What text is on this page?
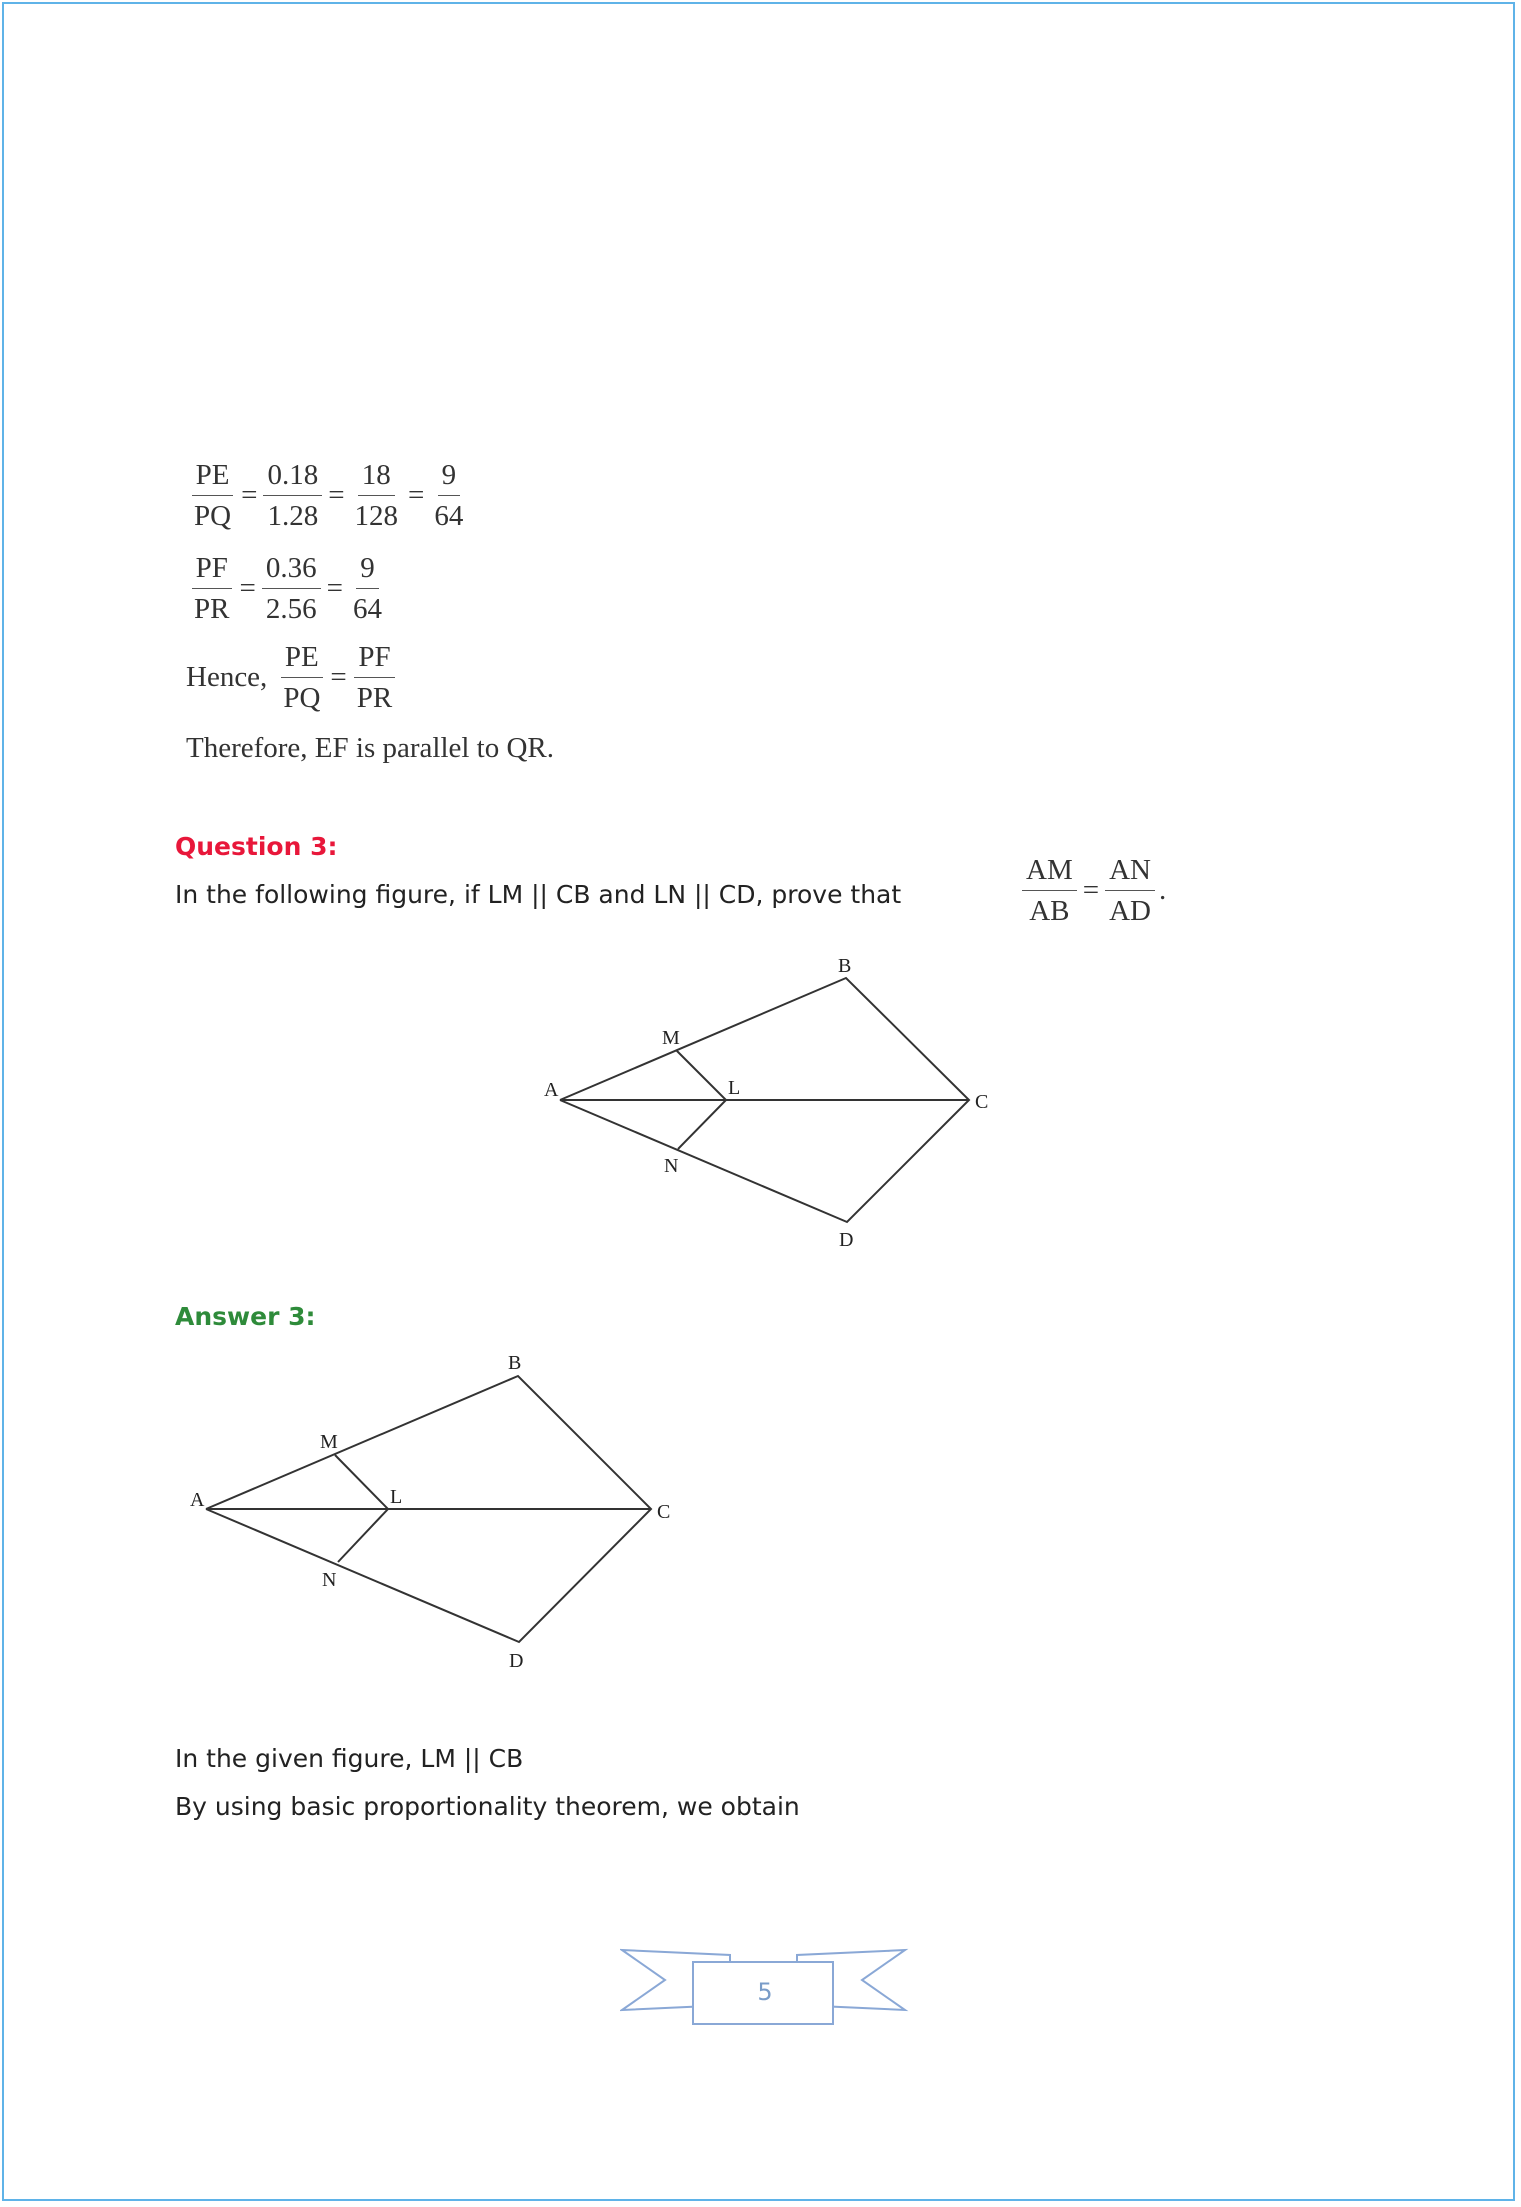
$\frac{PE}{PQ} = \frac{0.18}{1.28} = \frac{18}{128} = \frac{9}{64}$
$\frac{PF}{PR} = \frac{0.36}{2.56} = \frac{9}{64}$
Hence, $\frac{PE}{PQ} = \frac{PF}{PR}$
Therefore, EF is parallel to QR.
Question 3:
In the following figure, if LM || CB and LN || CD, prove that	$\frac{AM}{AB} = \frac{AN}{AD}$ .
A
B
C
D
L
M
N
A
B
C
D
L
M
N
Answer 3:
In the given figure, LM || CB
By using basic proportionality theorem, we obtain
5
